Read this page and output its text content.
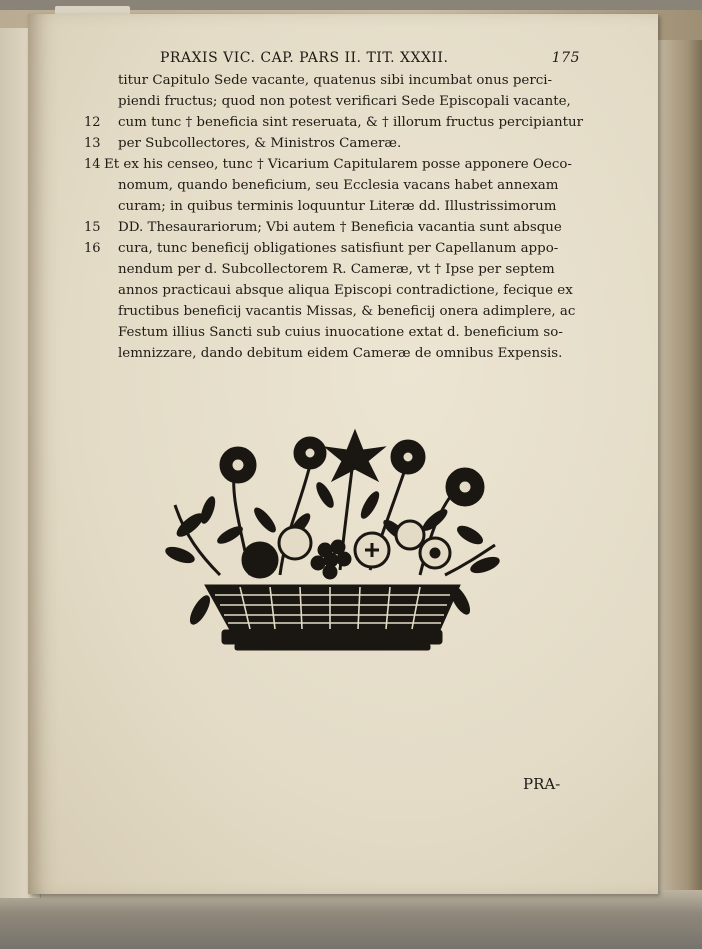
PRAXIS VIC. CAP. PARS II. TIT. XXXII.	175
12
13
14
15
16
titur Capitulo Sede vacante, quatenus sibi incumbat onus perci-
piendi fructus; quod non potest verificari Sede Episcopali vacante,
cum tunc † beneficia sint reseruata, & † illorum fructus percipiantur
per Subcollectores, & Ministros Cameræ.
Et ex his censeo, tunc † Vicarium Capitularem posse apponere Oeco-
nomum, quando beneficium, seu Ecclesia vacans habet annexam
curam; in quibus terminis loquuntur Literæ dd. Illustrissimorum
DD. Thesaurariorum; Vbi autem † Beneficia vacantia sunt absque
cura, tunc beneficij obligationes satisfiunt per Capellanum appo-
nendum per d. Subcollectorem R. Cameræ, vt † Ipse per septem
annos practicaui absque aliqua Episcopi contradictione, fecique ex
fructibus beneficij vacantis Missas, & beneficij onera adimplere, ac
Festum illius Sancti sub cuius inuocatione extat d. beneficium so-
lemnizzare, dando debitum eidem Cameræ de omnibus Expensis.
PRA-
